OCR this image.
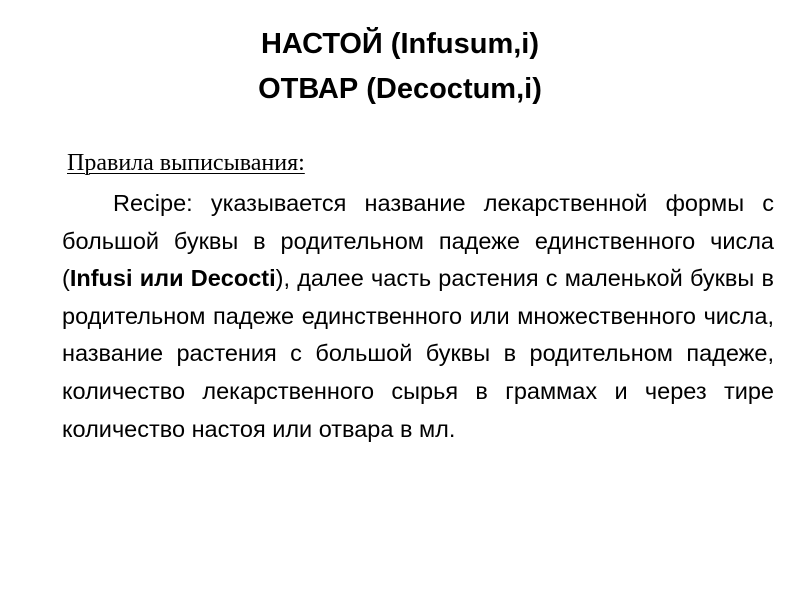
НАСТОЙ (Infusum,i)
ОТВАР (Decoctum,i)
Правила выписывания:

Recipe: указывается название лекарственной формы с большой буквы в родительном падеже единственного числа (Infusi или Decocti), далее часть растения с маленькой буквы в родительном падеже единственного или множественного числа, название растения с большой буквы в родительном падеже, количество лекарственного сырья в граммах и через тире количество настоя или отвара в мл.
